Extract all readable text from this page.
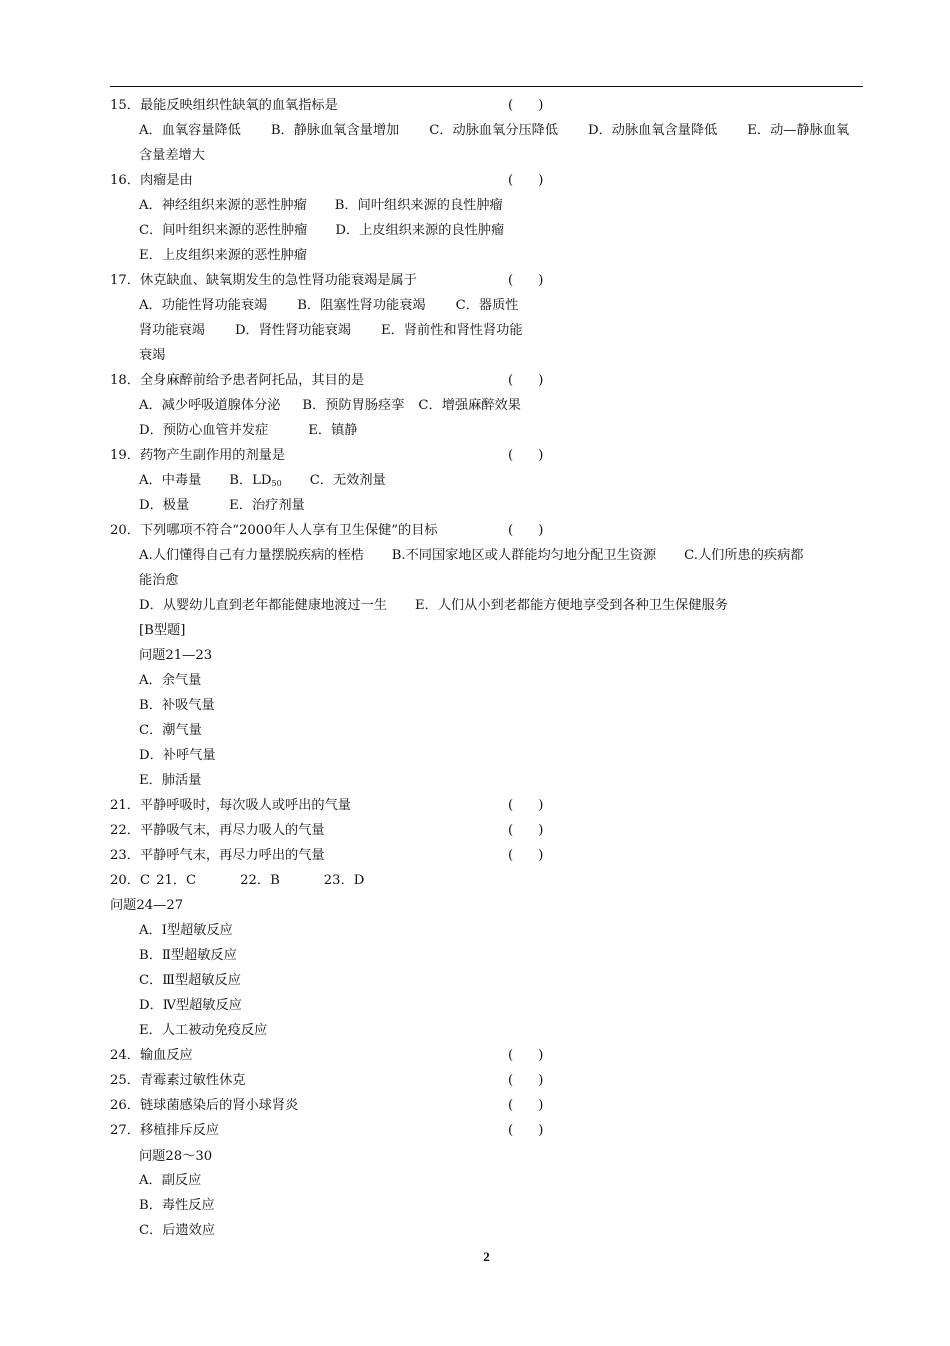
15．最能反映组织性缺氧的血氧指标是	(      )
A．血氧容量降低 B．静脉血氧含量增加 C．动脉血氧分压降低 D．动脉血氧含量降低 E．动—静脉血氧
含量差增大
16．肉瘤是由	(      )
A．神经组织来源的恶性肿瘤 B．间叶组织来源的良性肿瘤
C．间叶组织来源的恶性肿瘤 D．上皮组织来源的良性肿瘤
E．上皮组织来源的恶性肿瘤
17．休克缺血、缺氧期发生的急性肾功能衰竭是属于	(      )
A．功能性肾功能衰竭 B．阻塞性肾功能衰竭 C．器质性
肾功能衰竭 D．肾性肾功能衰竭 E．肾前性和肾性肾功能
衰竭
18．全身麻醉前给予患者阿托品，其目的是	(      )
A．减少呼吸道腺体分泌 B．预防胃肠痉挛 C．增强麻醉效果
D．预防心血管并发症	E．镇静
19．药物产生副作用的剂量是	(      )
A．中毒量 B．$LD_{50}$ C．无效剂量
D．极量	E．治疗剂量
20．下列哪项不符合“2000年人人享有卫生保健”的目标	(      )
A.人们懂得自己有力量摆脱疾病的桎梏 B.不同国家地区或人群能均匀地分配卫生资源 C.人们所患的疾病都
能治愈
D．从婴幼儿直到老年都能健康地渡过一生 E．人们从小到老都能方便地享受到各种卫生保健服务
[B型题]
问题21—23
A．余气量
B．补吸气量
C．潮气量
D．补呼气量
E．肺活量
21．平静呼吸时，每次吸人或呼出的气量	(      )
22．平静吸气末，再尽力吸人的气量	(      )
23．平静呼气末，再尽力呼出的气量	(      )
20．C 21．C	22．B	23．D
问题24—27
A．Ⅰ型超敏反应
B．Ⅱ型超敏反应
C．Ⅲ型超敏反应
D．Ⅳ型超敏反应
E．人工被动免疫反应
24．输血反应	(      )
25．青霉素过敏性休克	(      )
26．链球菌感染后的肾小球肾炎	(      )
27．移植排斥反应	(      )
问题28～30
A．副反应
B．毒性反应
C．后遗效应
2
